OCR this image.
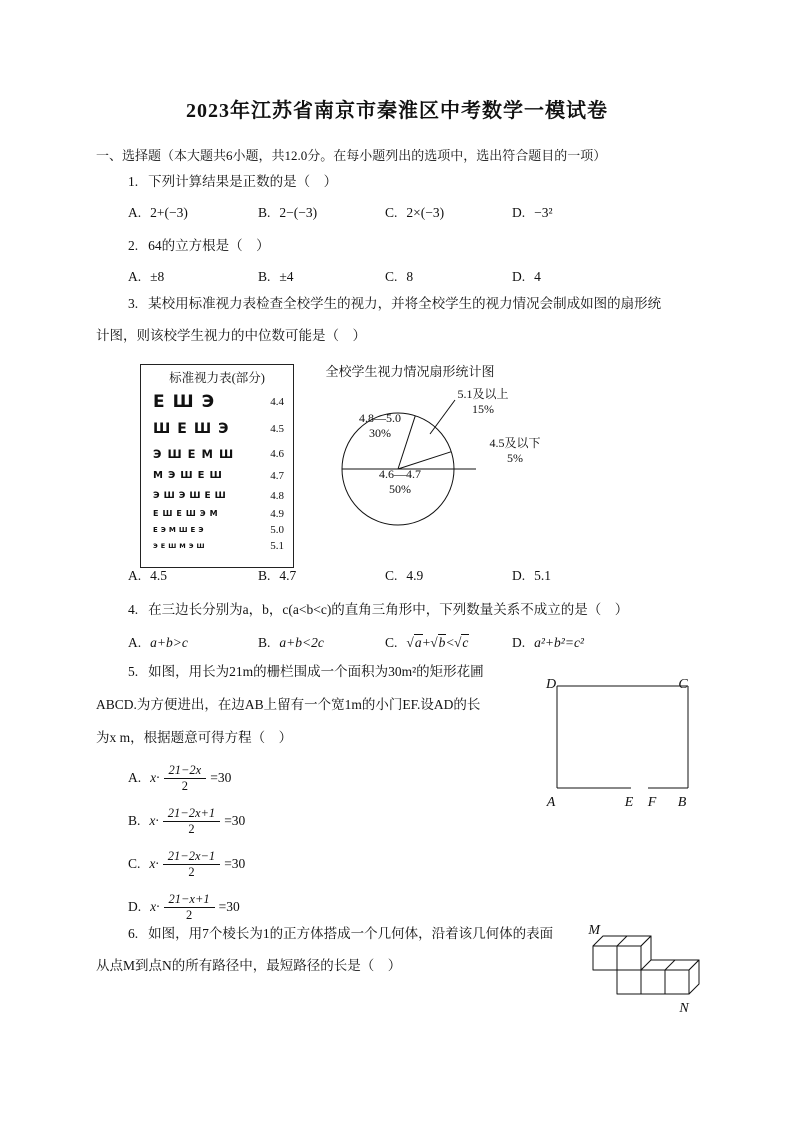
2023年江苏省南京市秦淮区中考数学一模试卷
一、选择题（本大题共6小题，共12.0分。在每小题列出的选项中，选出符合题目的一项）
1. 下列计算结果是正数的是（　）
A. 2+(−3)	B. 2−(−3)	C. 2×(−3)	D. −3²
2. 64的立方根是（　）
A. ±8	B. ±4	C. 8	D. 4
3. 某校用标准视力表检查全校学生的视力，并将全校学生的视力情况会制成如图的扇形统
计图，则该校学生视力的中位数可能是（　）
标准视力表(部分)
ЕШЭ	4.4
ШЕШЭ	4.5
ЭШЕМШ	4.6
МЭШЕШ	4.7
ЭШЭШЕШ	4.8
ЕШЕШЭМ	4.9
ЕЭМШЕЭ	5.0
ЭЕШМЭШ	5.1
全校学生视力情况扇形统计图
5.1及以上
15%
4.5及以下
5%
4.8—5.0
30%
4.6—4.7
50%
A. 4.5	B. 4.7	C. 4.9	D. 5.1
4. 在三边长分别为a，b，c(a<b<c)的直角三角形中，下列数量关系不成立的是（　）
A. a+b>c	B. a+b<2c	C. √a+√b<√c	D. a²+b²=c²
5. 如图，用长为21m的栅栏围成一个面积为30m²的矩形花圃
ABCD.为方便进出，在边AB上留有一个宽1m的小门EF.设AD的长
为x m，根据题意可得方程（　）
D	C
A	E F B
A. $x\cdot \frac{21-2x}{2} =30$
B. $x\cdot \frac{21-2x+1}{2} =30$
C. $x\cdot \frac{21-2x-1}{2} =30$
D. $x\cdot \frac{21-x+1}{2} =30$
6. 如图，用7个棱长为1的正方体搭成一个几何体，沿着该几何体的表面
从点M到点N的所有路径中，最短路径的长是（　）
M
N
